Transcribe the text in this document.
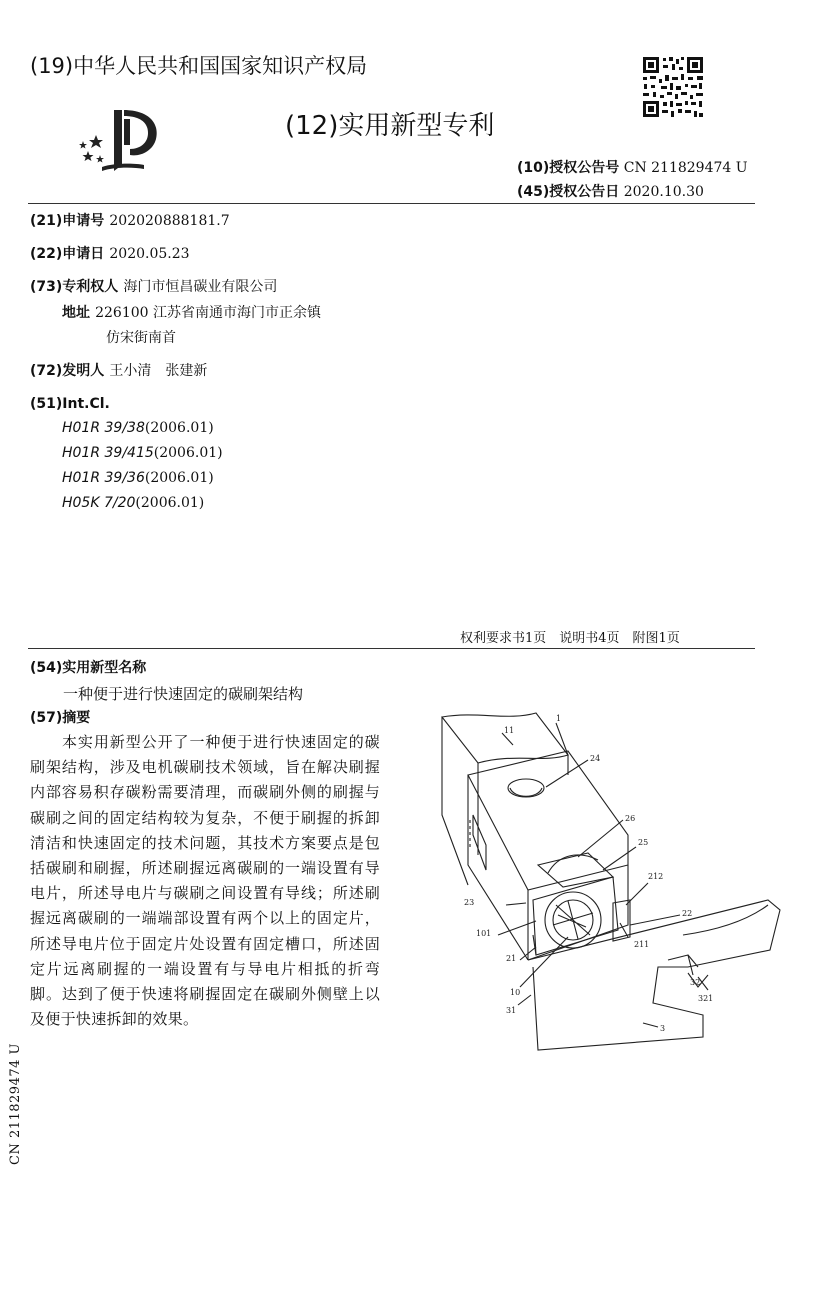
(19)中华人民共和国国家知识产权局
(12)实用新型专利
(10)授权公告号 CN 211829474 U
(45)授权公告日 2020.10.30
(21)申请号 202020888181.7
(22)申请日 2020.05.23
(73)专利权人 海门市恒昌碳业有限公司
地址 226100 江苏省南通市海门市正余镇
仿宋街南首
(72)发明人 王小清　张建新
(51)Int.Cl.
H01R 39/38(2006.01)
H01R 39/415(2006.01)
H01R 39/36(2006.01)
H05K 7/20(2006.01)
权利要求书1页　说明书4页　附图1页
(54)实用新型名称
一种便于进行快速固定的碳刷架结构
(57)摘要

本实用新型公开了一种便于进行快速固定的碳刷架结构，涉及电机碳刷技术领域，旨在解决刷握内部容易积存碳粉需要清理，而碳刷外侧的刷握与碳刷之间的固定结构较为复杂，不便于刷握的拆卸清洁和快速固定的技术问题，其技术方案要点是包括碳刷和刷握，所述刷握远离碳刷的一端设置有导电片，所述导电片与碳刷之间设置有导线；所述刷握远离碳刷的一端端部设置有两个以上的固定片，所述导电片位于固定片处设置有固定槽口，所述固定片远离刷握的一端设置有与导电片相抵的折弯脚。达到了便于快速将刷握固定在碳刷外侧壁上以及便于快速拆卸的效果。

CN 211829474 U
11
1
24
26
25
212
22
23
101
21
211
10
32
321
31
3
